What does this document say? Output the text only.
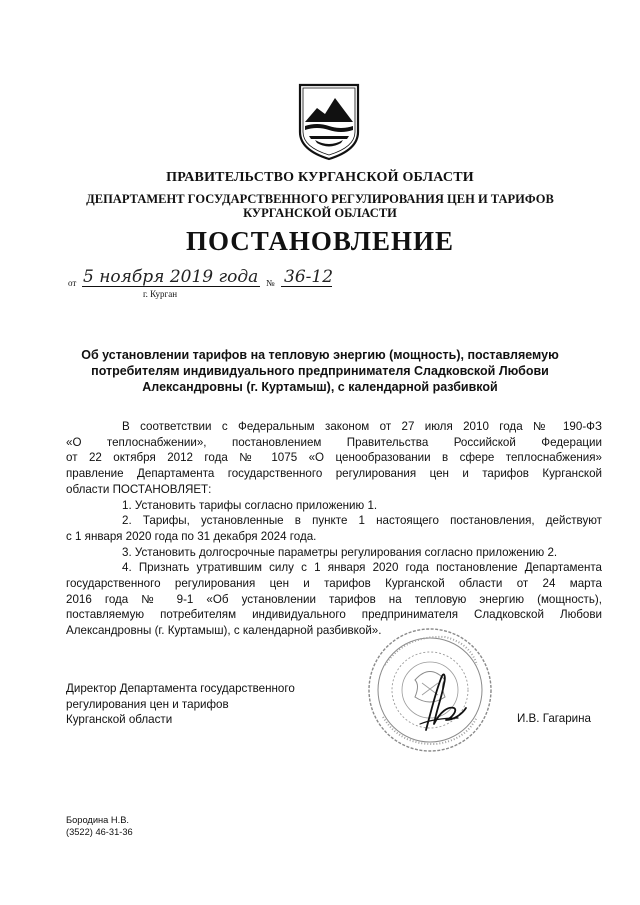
ПРАВИТЕЛЬСТВО КУРГАНСКОЙ ОБЛАСТИ
ДЕПАРТАМЕНТ ГОСУДАРСТВЕННОГО РЕГУЛИРОВАНИЯ ЦЕН И ТАРИФОВ
КУРГАНСКОЙ ОБЛАСТИ
ПОСТАНОВЛЕНИЕ
от 5 ноября 2019 года № 36-12
г. Курган
Об установлении тарифов на тепловую энергию (мощность), поставляемую
потребителям индивидуального предпринимателя Сладковской Любови
Александровны (г. Куртамыш), с календарной разбивкой
В соответствии с Федеральным законом от 27 июля 2010 года № 190-ФЗ
«О теплоснабжении», постановлением Правительства Российской Федерации
от 22 октября 2012 года № 1075 «О ценообразовании в сфере теплоснабжения»
правление Департамента государственного регулирования цен и тарифов Курганской
области ПОСТАНОВЛЯЕТ:
1. Установить тарифы согласно приложению 1.
2. Тарифы, установленные в пункте 1 настоящего постановления, действуют
с 1 января 2020 года по 31 декабря 2024 года.
3. Установить долгосрочные параметры регулирования согласно приложению 2.
4. Признать утратившим силу с 1 января 2020 года постановление Департамента
государственного регулирования цен и тарифов Курганской области от 24 марта
2016 года № 9-1 «Об установлении тарифов на тепловую энергию (мощность),
поставляемую потребителям индивидуального предпринимателя Сладковской Любови
Александровны (г. Куртамыш), с календарной разбивкой».
Директор Департамента государственного
регулирования цен и тарифов
Курганской области	И.В. Гагарина
Бородина Н.В.
(3522) 46-31-36
